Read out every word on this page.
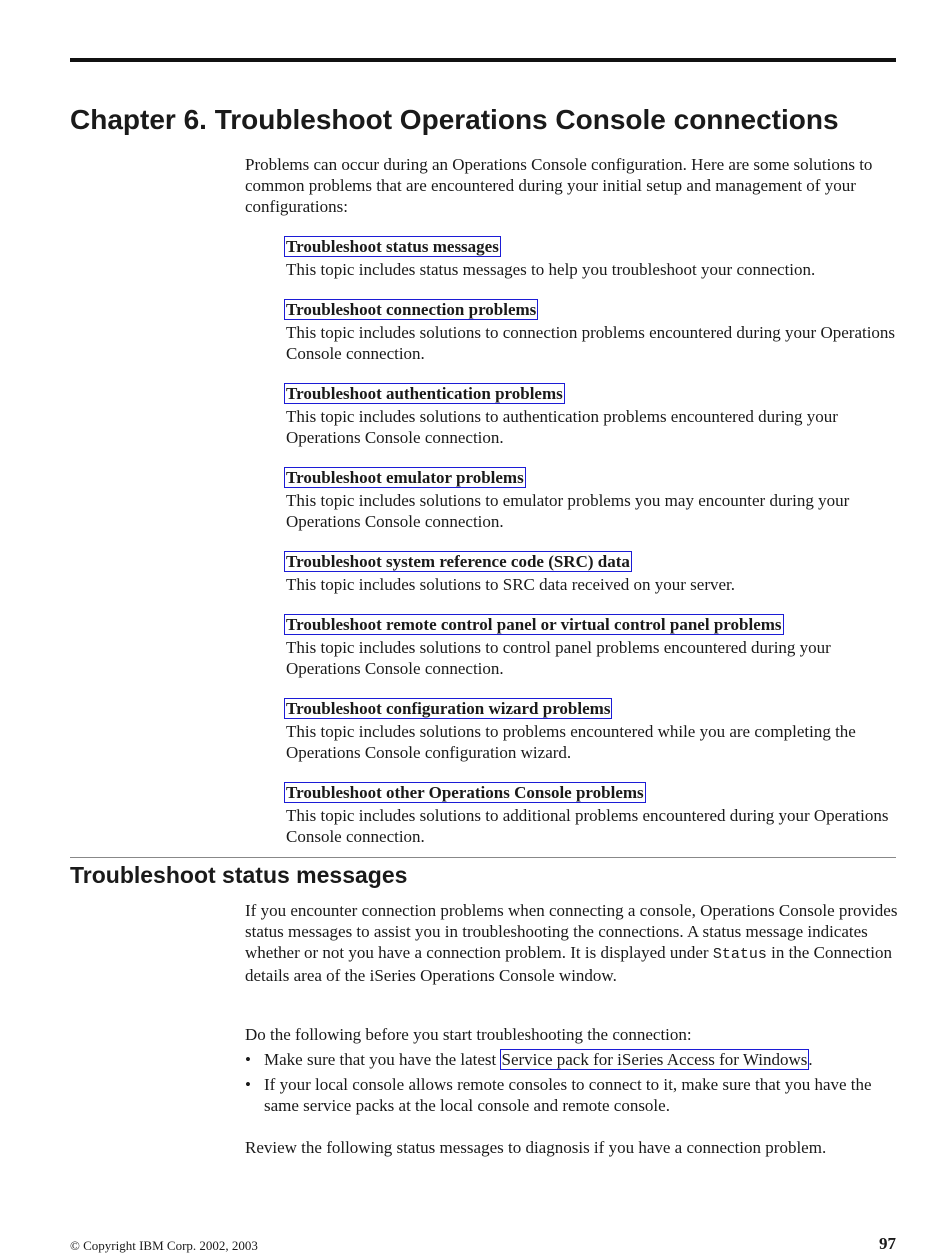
Chapter 6. Troubleshoot Operations Console connections

Problems can occur during an Operations Console configuration. Here are some solutions to common problems that are encountered during your initial setup and management of your configurations:

Troubleshoot status messages

This topic includes status messages to help you troubleshoot your connection.

Troubleshoot connection problems

This topic includes solutions to connection problems encountered during your Operations Console connection.

Troubleshoot authentication problems

This topic includes solutions to authentication problems encountered during your Operations Console connection.

Troubleshoot emulator problems

This topic includes solutions to emulator problems you may encounter during your Operations Console connection.

Troubleshoot system reference code (SRC) data

This topic includes solutions to SRC data received on your server.

Troubleshoot remote control panel or virtual control panel problems

This topic includes solutions to control panel problems encountered during your Operations Console connection.

Troubleshoot configuration wizard problems

This topic includes solutions to problems encountered while you are completing the Operations Console configuration wizard.

Troubleshoot other Operations Console problems

This topic includes solutions to additional problems encountered during your Operations Console connection.

Troubleshoot status messages

If you encounter connection problems when connecting a console, Operations Console provides status messages to assist you in troubleshooting the connections. A status message indicates whether or not you have a connection problem. It is displayed under Status in the Connection details area of the iSeries Operations Console window.

Do the following before you start troubleshooting the connection:

• Make sure that you have the latest Service pack for iSeries Access for Windows.
• If your local console allows remote consoles to connect to it, make sure that you have the same service packs at the local console and remote console.

Review the following status messages to diagnosis if you have a connection problem.

© Copyright IBM Corp. 2002, 2003	97
